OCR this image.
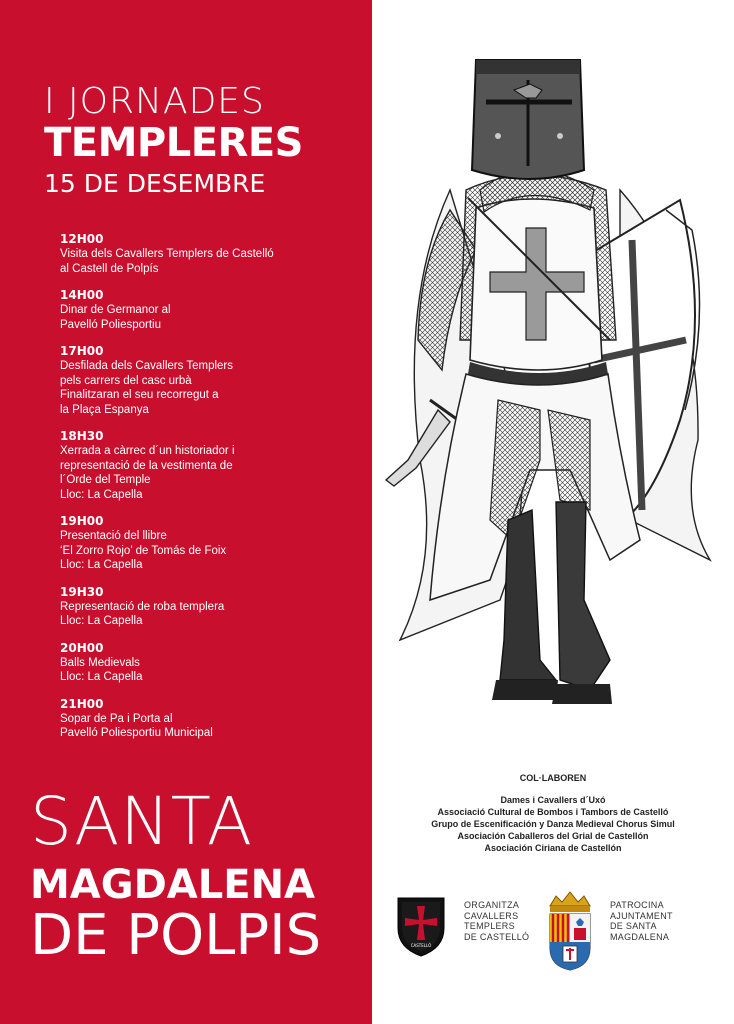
I JORNADES
TEMPLERES
15 DE DESEMBRE
12H00
Visita dels Cavallers Templers de Castelló
al Castell de Polpís
14H00
Dinar de Germanor al
Pavelló Poliesportiu
17H00
Desfilada dels Cavallers Templers
pels carrers del casc urbà
Finalitzaran el seu recorregut a
la Plaça Espanya
18H30
Xerrada a càrrec d´un historiador i
representació de la vestimenta de
l´Orde del Temple
Lloc: La Capella
19H00
Presentació del llibre
‘El Zorro Rojo’ de Tomás de Foix
Lloc: La Capella
19H30
Representació de roba templera
Lloc: La Capella
20H00
Balls Medievals
Lloc: La Capella
21H00
Sopar de Pa i Porta al
Pavelló Poliesportiu Municipal
SANTA
MAGDALENA
DE POLPIS
COL·LABOREN
Dames i Cavallers d´Uxó
Associació Cultural de Bombos i Tambors de Castelló
Grupo de Escenificación y Danza Medieval Chorus Simul
Asociación Caballeros del Grial de Castellón
Asociación Ciriana de Castellón
CASTELLÓ
ORGANITZA
CAVALLERS
TEMPLERS
DE CASTELLÓ
PATROCINA
AJUNTAMENT
DE SANTA
MAGDALENA
